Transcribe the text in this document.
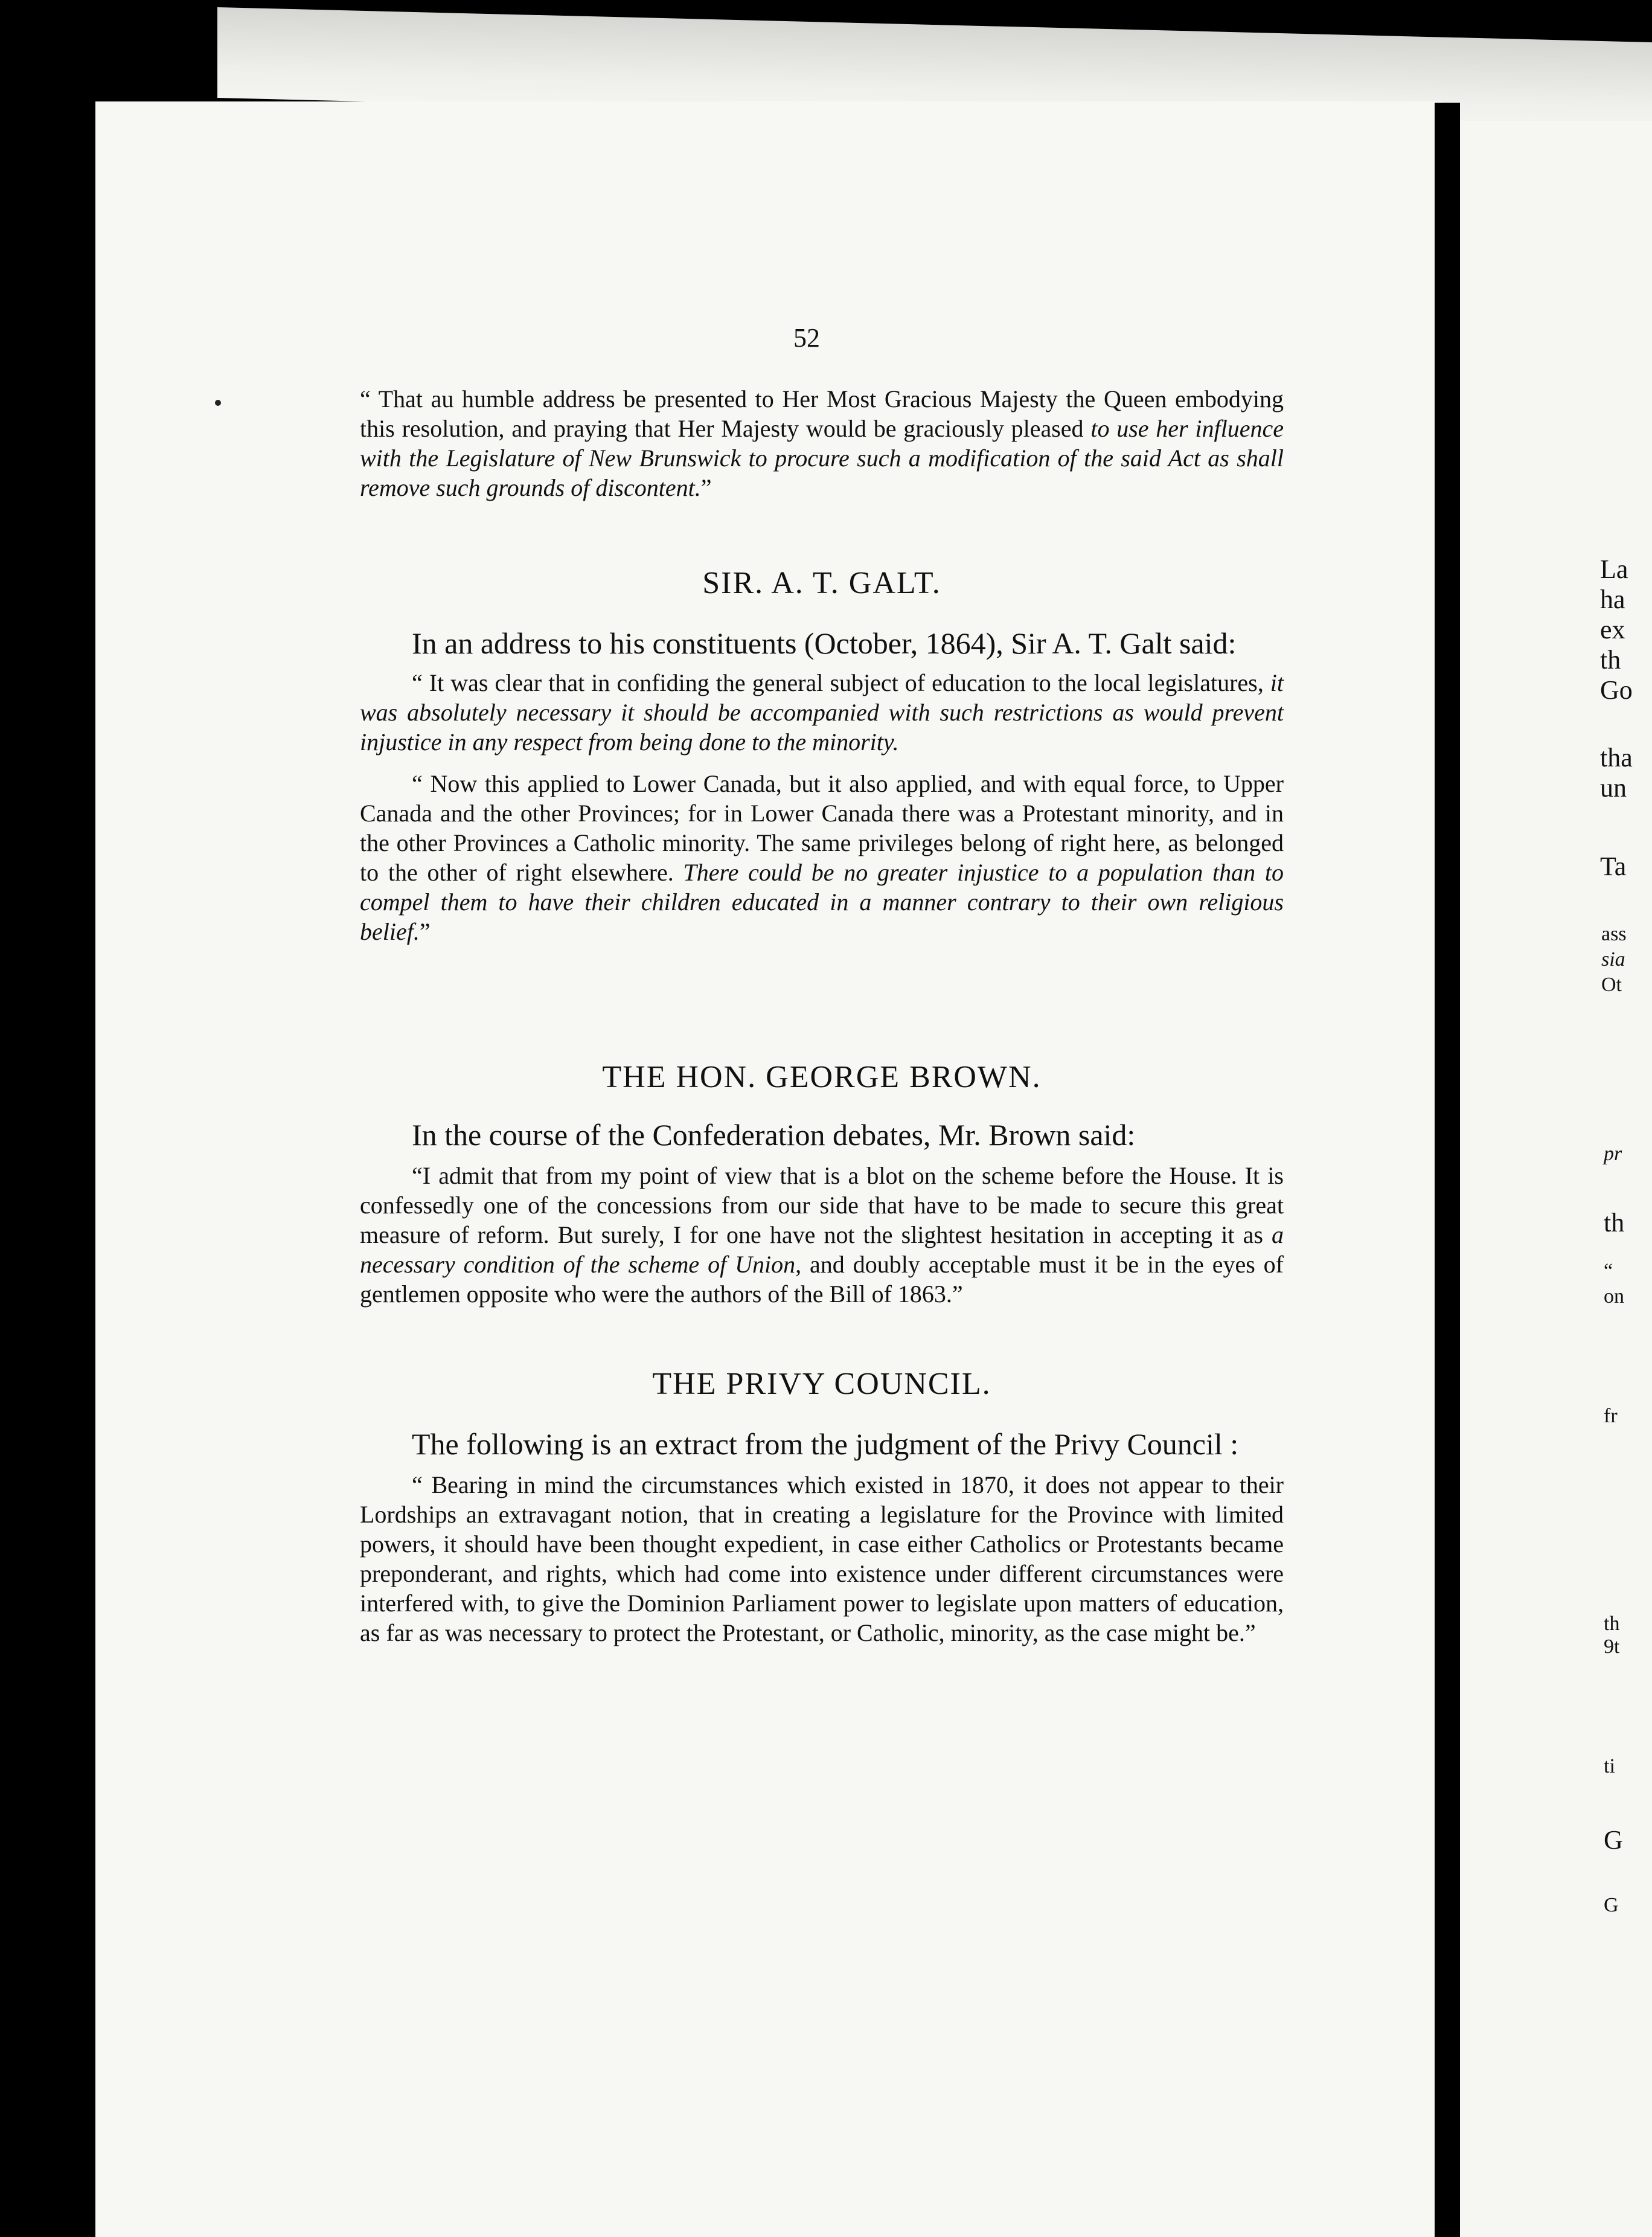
52

“ That au humble address be presented to Her Most Gracious Majesty the Queen embodying this resolution, and praying that Her Majesty would be graciously pleased to use her influence with the Legislature of New Brunswick to procure such a modification of the said Act as shall remove such grounds of discontent.”

SIR. A. T. GALT.

In an address to his constituents (October, 1864), Sir A. T. Galt said:

“ It was clear that in confiding the general subject of education to the local legislatures, it was absolutely necessary it should be accompanied with such restrictions as would prevent injustice in any respect from being done to the minority.

“ Now this applied to Lower Canada, but it also applied, and with equal force, to Upper Canada and the other Provinces; for in Lower Canada there was a Protestant minority, and in the other Provinces a Catholic minority. The same privileges belong of right here, as belonged to the other of right elsewhere. There could be no greater injustice to a population than to compel them to have their children educated in a manner contrary to their own religious belief.”

THE HON. GEORGE BROWN.

In the course of the Confederation debates, Mr. Brown said:

“I admit that from my point of view that is a blot on the scheme before the House. It is confessedly one of the concessions from our side that have to be made to secure this great measure of reform. But surely, I for one have not the slightest hesitation in accepting it as a necessary condition of the scheme of Union, and doubly acceptable must it be in the eyes of gentlemen opposite who were the authors of the Bill of 1863.”

THE PRIVY COUNCIL.

The following is an extract from the judgment of the Privy Council :

“ Bearing in mind the circumstances which existed in 1870, it does not appear to their Lordships an extravagant notion, that in creating a legislature for the Province with limited powers, it should have been thought expedient, in case either Catholics or Protestants became preponderant, and rights, which had come into existence under different circumstances were interfered with, to give the Dominion Parliament power to legislate upon matters of education, as far as was necessary to protect the Protestant, or Catholic, minority, as the case might be.”

La
ha
ex
th
Go
tha
un
Ta
ass
sia
Ot
pr
th
“
on
fr
th
9t
ti
G
G
